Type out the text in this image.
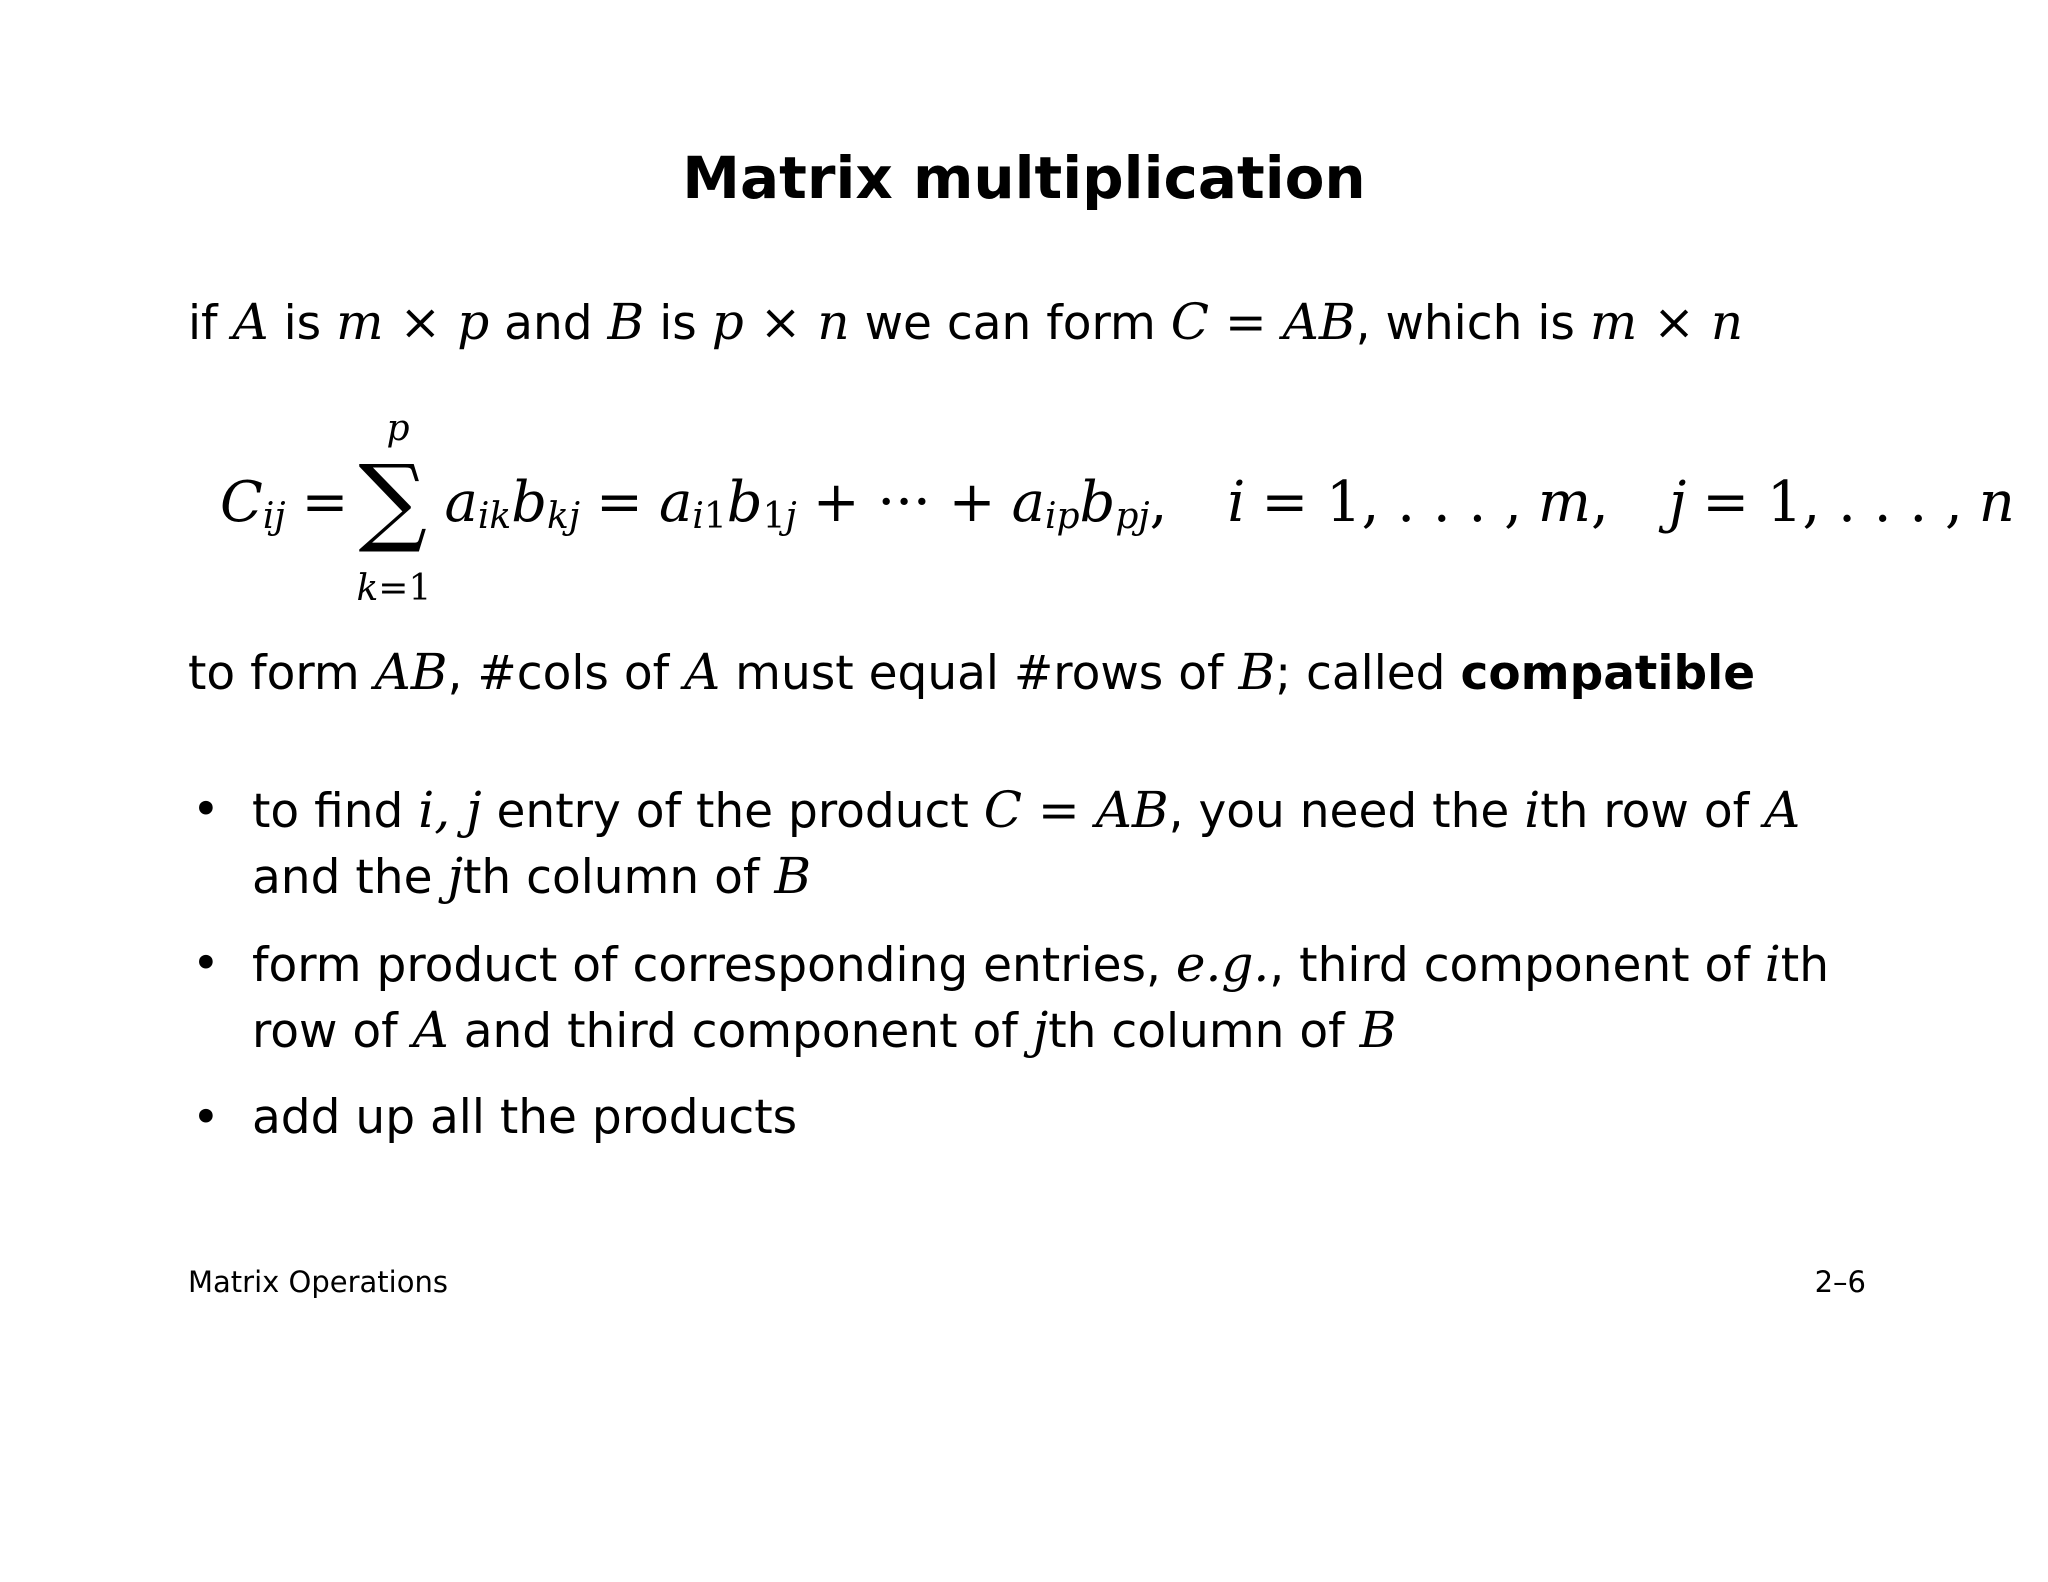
Matrix multiplication
if A is m × p and B is p × n we can form C = AB, which is m × n
C ij =
p
∑
k=1
a ik b kj = a i1 b 1j + ··· + a ip b pj , i = 1, . . . , m , j = 1, . . . , n
to form AB, #cols of A must equal #rows of B; called compatible
• to find i, j entry of the product C = AB, you need the ith row of A
and the jth column of B
• form product of corresponding entries, e.g., third component of ith row of A and third component of jth column of B
• add up all the products
Matrix Operations	2–6
